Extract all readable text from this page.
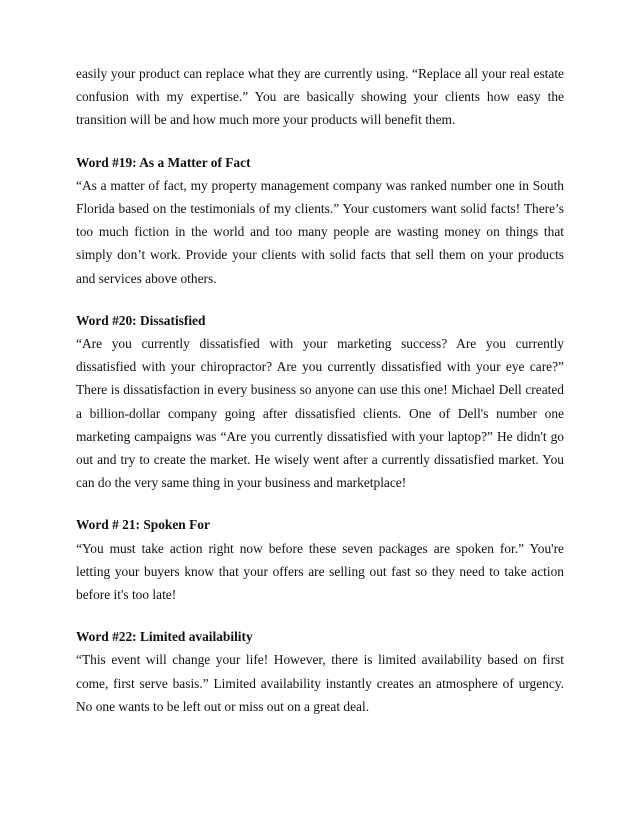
easily your product can replace what they are currently using. “Replace all your real estate confusion with my expertise.” You are basically showing your clients how easy the transition will be and how much more your products will benefit them.

Word #19: As a Matter of Fact

“As a matter of fact, my property management company was ranked number one in South Florida based on the testimonials of my clients.” Your customers want solid facts! There’s too much fiction in the world and too many people are wasting money on things that simply don’t work. Provide your clients with solid facts that sell them on your products and services above others.

Word #20: Dissatisfied

“Are you currently dissatisfied with your marketing success? Are you currently dissatisfied with your chiropractor? Are you currently dissatisfied with your eye care?” There is dissatisfaction in every business so anyone can use this one! Michael Dell created a billion-dollar company going after dissatisfied clients. One of Dell's number one marketing campaigns was “Are you currently dissatisfied with your laptop?” He didn't go out and try to create the market. He wisely went after a currently dissatisfied market. You can do the very same thing in your business and marketplace!

Word # 21: Spoken For

“You must take action right now before these seven packages are spoken for.” You're letting your buyers know that your offers are selling out fast so they need to take action before it's too late!

Word #22: Limited availability

“This event will change your life! However, there is limited availability based on first come, first serve basis.” Limited availability instantly creates an atmosphere of urgency. No one wants to be left out or miss out on a great deal.
